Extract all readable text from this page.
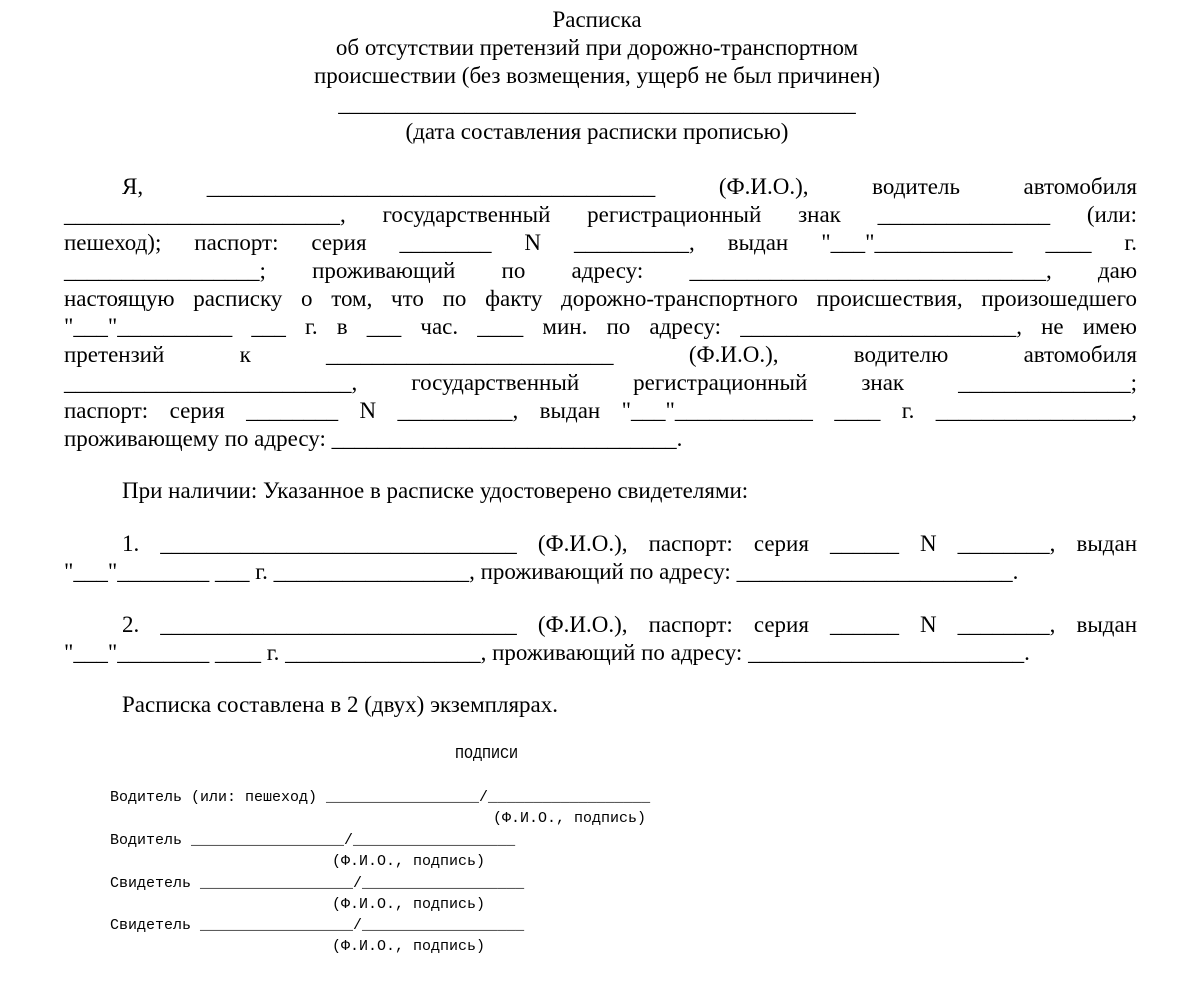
Расписка
об отсутствии претензий при дорожно-транспортном
происшествии (без возмещения, ущерб не был причинен)
_____________________________________________
(дата составления расписки прописью)
Я, _______________________________________ (Ф.И.О.), водитель автомобиля
________________________, государственный регистрационный знак _______________ (или:
пешеход); паспорт: серия ________ N __________, выдан "___"____________ ____ г.
_________________; проживающий по адресу: _______________________________, даю
настоящую расписку о том, что по факту дорожно-транспортного происшествия, произошедшего
"___"__________ ___ г. в ___ час. ____ мин. по адресу: ________________________, не имею
претензий к _________________________ (Ф.И.О.), водителю автомобиля
_________________________, государственный регистрационный знак _______________;
паспорт: серия ________ N __________, выдан "___"____________ ____ г. _________________,
проживающему по адресу: ______________________________.
При наличии: Указанное в расписке удостоверено свидетелями:
1. _______________________________ (Ф.И.О.), паспорт: серия ______ N ________, выдан
"___"________ ___ г. _________________, проживающий по адресу: ________________________.
2. _______________________________ (Ф.И.О.), паспорт: серия ______ N ________, выдан
"___"________ ____ г. _________________, проживающий по адресу: ________________________.
Расписка составлена в 2 (двух) экземплярах.
ПОДПИСИ
Водитель (или: пешеход) _________________/__________________
(Ф.И.О., подпись)
Водитель _________________/__________________
(Ф.И.О., подпись)
Свидетель _________________/__________________
(Ф.И.О., подпись)
Свидетель _________________/__________________
(Ф.И.О., подпись)
